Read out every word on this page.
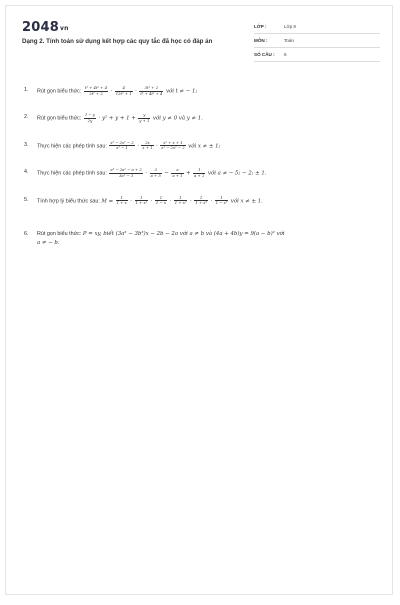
2048vn
Dạng 2. Tính toán sử dụng kết hợp các quy tắc đã học có đáp án
LỚP :	Lớp 8
MÔN :	Toán
SỐ CÂU :	6
1.	Rút gọn biểu thức: $\frac{\text{t³ + 4t² + 4}}{\text{2t² + 2}} \cdot \frac{4}{\text{12t² + 1}} \cdot \frac{\text{3t² + 2}}{\text{t³ + 4t² + 4}}$ với t ≠ − 1;
2.	Rút gọn biểu thức: $\frac{1 - y}{2y} \cdot y^2 + y + 1 + \frac{y}{y + 1}$ với y ≠ 0 và y ≠ 1.
3.	Thực hiện các phép tính sau: $\frac{\text{x³ − 2x² − 2}}{\text{x² − 1}} \cdot \frac{2x}{x + 1} \cdot \frac{\text{x² + x + 1}}{\text{x³ − 2x² − 2}}$ với x ≠ ± 1;
4.	Thực hiện các phép tính sau: $\frac{\text{a³ − 2a² − a + 2}}{\text{3a² − 3}} \cdot \frac{3}{a + 5} - \frac{a}{a + 1} + \frac{1}{a + 2}$ với a ≠ − 5; − 2; ± 1.
5.	Tính hợp lý biểu thức sau: $M = \frac{1}{1 + x} \cdot \frac{1}{\text{1 + x²}} \cdot \frac{1}{1 - x} \cdot \frac{1}{\text{1 + x²}} \cdot \frac{1}{\text{1 + x⁴}} \cdot \frac{1}{\text{1 − x⁸}}$ với x ≠ ± 1.
6.	Rút gọn biểu thức: P = xy, biết (3a³ − 3b³)x − 2b − 2a với a ≠ b và (4a + 4b)y = 9(a − b)² với
a ≠ − b.
